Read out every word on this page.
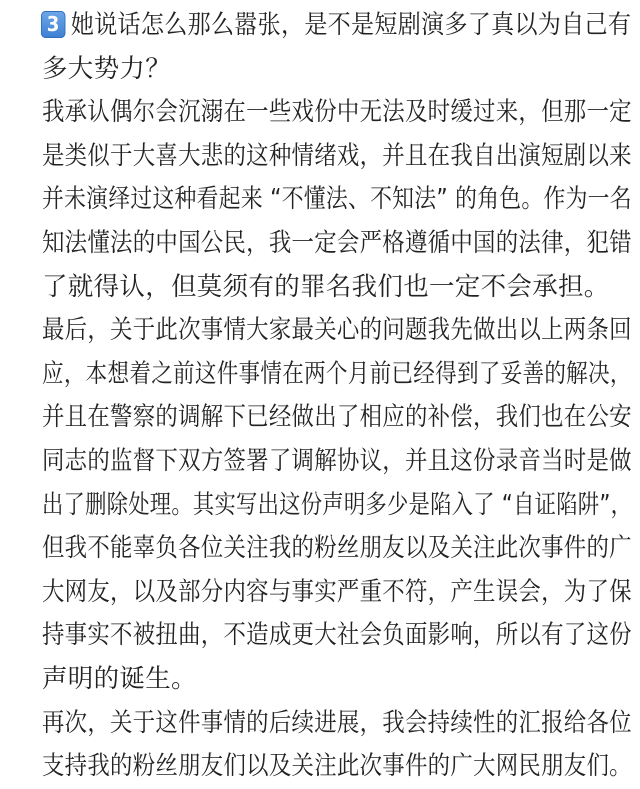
3 她说话怎么那么嚣张，是不是短剧演多了真以为自己有
多大势力？

我承认偶尔会沉溺在一些戏份中无法及时缓过来，但那一定
是类似于大喜大悲的这种情绪戏，并且在我自出演短剧以来
并未演绎过这种看起来 “不懂法、不知法” 的角色。作为一名
知法懂法的中国公民，我一定会严格遵循中国的法律，犯错
了就得认，但莫须有的罪名我们也一定不会承担。

最后，关于此次事情大家最关心的问题我先做出以上两条回
应，本想着之前这件事情在两个月前已经得到了妥善的解决，
并且在警察的调解下已经做出了相应的补偿，我们也在公安
同志的监督下双方签署了调解协议，并且这份录音当时是做
出了删除处理。其实写出这份声明多少是陷入了 “自证陷阱”，
但我不能辜负各位关注我的粉丝朋友以及关注此次事件的广
大网友，以及部分内容与事实严重不符，产生误会，为了保
持事实不被扭曲，不造成更大社会负面影响，所以有了这份
声明的诞生。

再次，关于这件事情的后续进展，我会持续性的汇报给各位
支持我的粉丝朋友们以及关注此次事件的广大网民朋友们。
